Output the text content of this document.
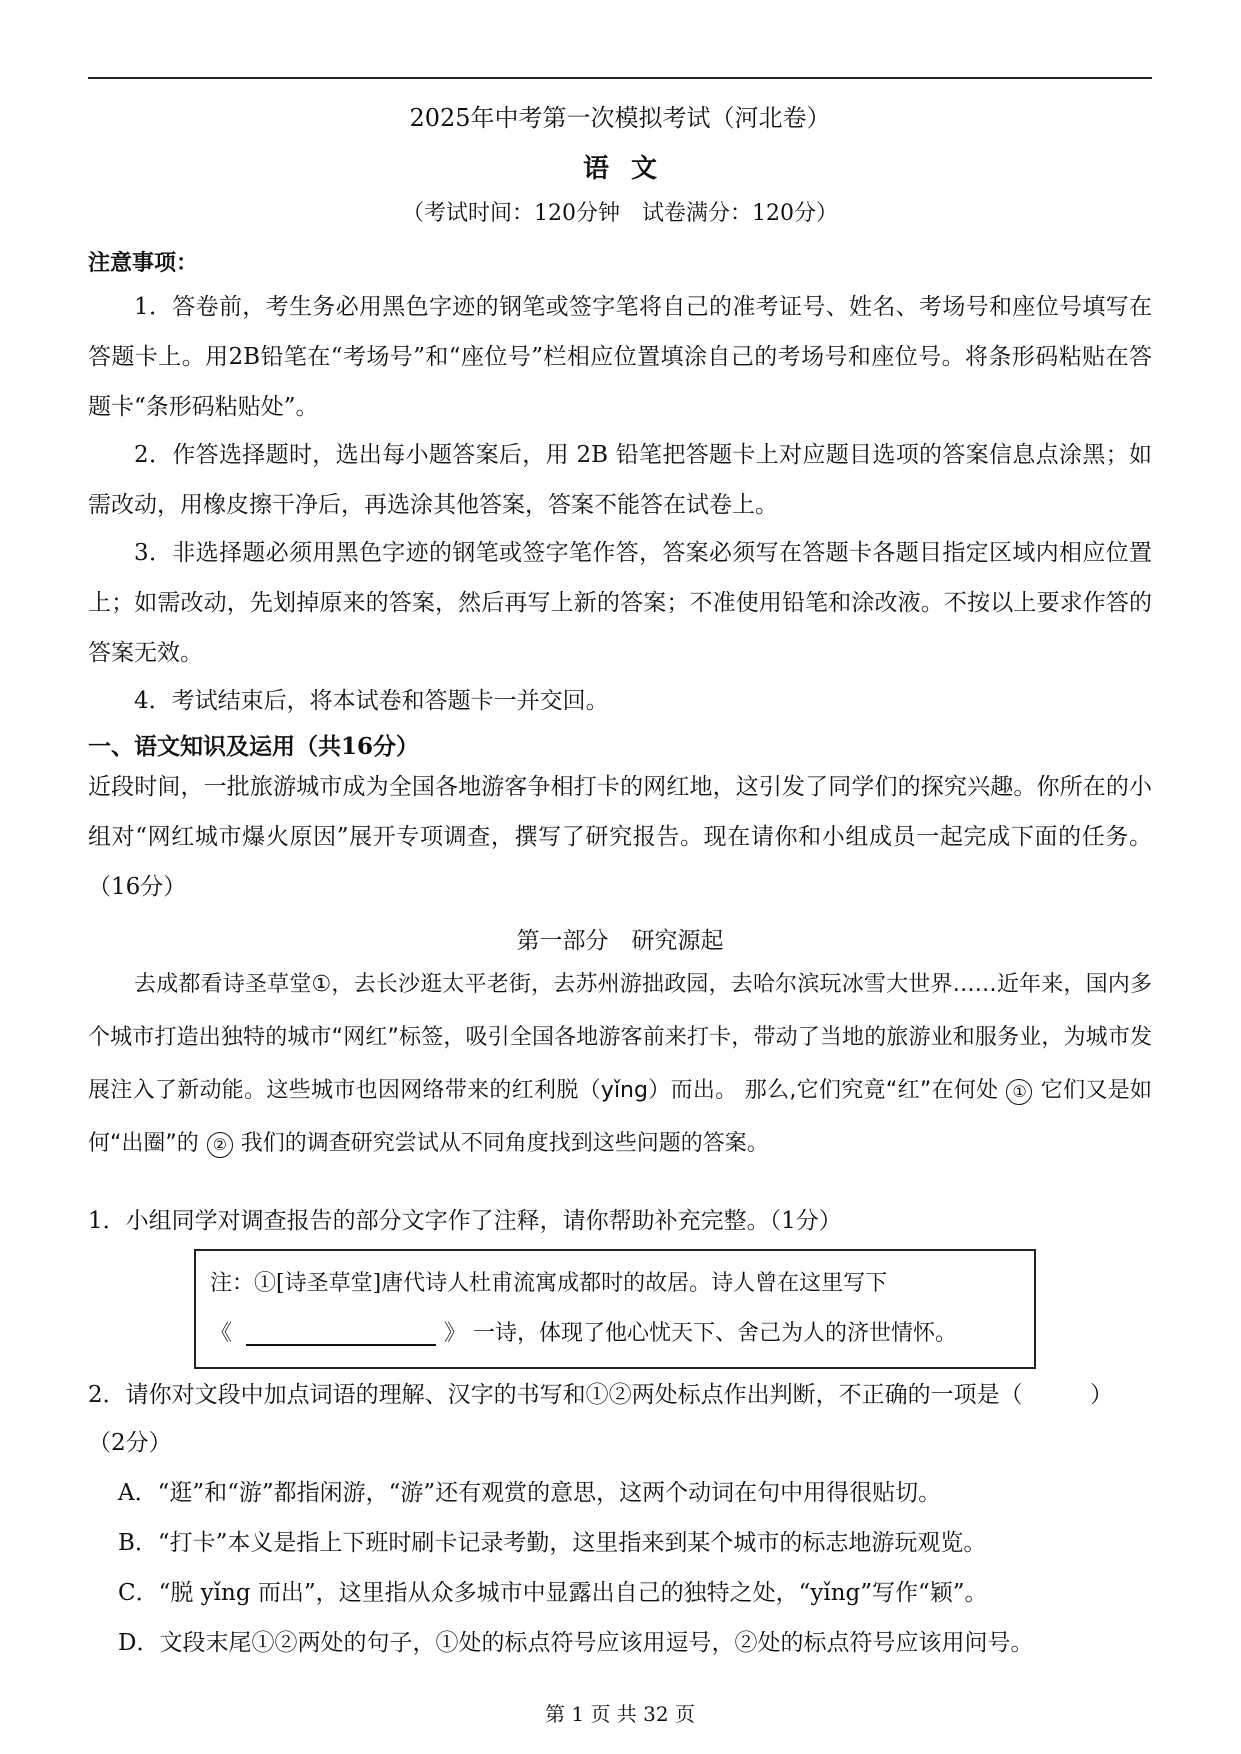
2025年中考第一次模拟考试（河北卷）
语文
（考试时间：120分钟　试卷满分：120分）
注意事项：
1．答卷前，考生务必用黑色字迹的钢笔或签字笔将自己的准考证号、姓名、考场号和座位号填写在答题卡上。用2B铅笔在“考场号”和“座位号”栏相应位置填涂自己的考场号和座位号。将条形码粘贴在答题卡“条形码粘贴处”。
2．作答选择题时，选出每小题答案后，用 2B 铅笔把答题卡上对应题目选项的答案信息点涂黑；如需改动，用橡皮擦干净后，再选涂其他答案，答案不能答在试卷上。
3．非选择题必须用黑色字迹的钢笔或签字笔作答，答案必须写在答题卡各题目指定区域内相应位置上；如需改动，先划掉原来的答案，然后再写上新的答案；不准使用铅笔和涂改液。不按以上要求作答的答案无效。
4．考试结束后，将本试卷和答题卡一并交回。
一、语文知识及运用（共16分）
近段时间，一批旅游城市成为全国各地游客争相打卡的网红地，这引发了同学们的探究兴趣。你所在的小组对“网红城市爆火原因”展开专项调查，撰写了研究报告。现在请你和小组成员一起完成下面的任务。（16分）
第一部分　研究源起
去成都看诗圣草堂①，去长沙逛太平老街，去苏州游拙政园，去哈尔滨玩冰雪大世界……近年来，国内多个城市打造出独特的城市“网红”标签，吸引全国各地游客前来打卡，带动了当地的旅游业和服务业，为城市发展注入了新动能。这些城市也因网络带来的红利脱（yǐng）而出。 那么,它们究竟“红”在何处 ① 它们又是如何“出圈”的 ② 我们的调查研究尝试从不同角度找到这些问题的答案。
1．小组同学对调查报告的部分文字作了注释，请你帮助补充完整。（1分）
注：①[诗圣草堂]唐代诗人杜甫流寓成都时的故居。诗人曾在这里写下
《	》 一诗，体现了他心忧天下、舍己为人的济世情怀。
2．请你对文段中加点词语的理解、汉字的书写和①②两处标点作出判断，不正确的一项是（	）
（2分）
A．“逛”和“游”都指闲游，“游”还有观赏的意思，这两个动词在句中用得很贴切。
B．“打卡”本义是指上下班时刷卡记录考勤，这里指来到某个城市的标志地游玩观览。
C．“脱 yǐng 而出”，这里指从众多城市中显露出自己的独特之处，“yǐng”写作“颖”。
D．文段末尾①②两处的句子，①处的标点符号应该用逗号，②处的标点符号应该用问号。
第 1 页 共 32 页
